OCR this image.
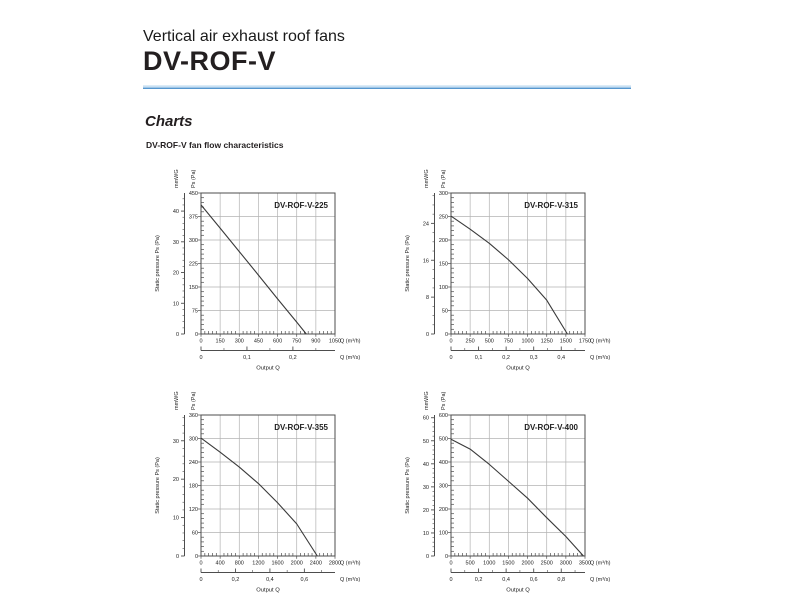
Vertical air exhaust roof fans
DV-ROF-V
Charts
DV-ROF-V fan flow characteristics
0
75
150
225
300
375
450
0 150 300 450 600 750 900 1050
Q (m³/h)
0
10
20
30
40
Static pressure Ps (Pa)
mmWG Ps (Pa)
DV-ROF-V-225
0	0,1	0,2	Q (m³/s)
Output Q
0
50
100
150
200
250
300
0 250 500 750 1000 1250 1500 1750
Q (m³/h)
0
8
16
24
Static pressure Ps (Pa)
mmWG Ps (Pa)
DV-ROF-V-315
0	0,1	0,2	0,3	0,4	Q (m³/s)
Output Q
0
60
120
180
240
300
360
0 400 800 1200 1600 2000 2400 2800
Q (m³/h)
0
10
20
30
Static pressure Ps (Pa)
mmWG Ps (Pa)
DV-ROF-V-355
0	0,2	0,4	0,6	Q (m³/s)
Output Q
0
100
200
300
400
500
600
0 500 1000 1500 2000 2500 3000 3500
Q (m³/h)
0
10
20
30
40
50
60
Static pressure Ps (Pa)
mmWG Ps (Pa)
DV-ROF-V-400
0	0,2	0,4	0,6	0,8	Q (m³/s)
Output Q
